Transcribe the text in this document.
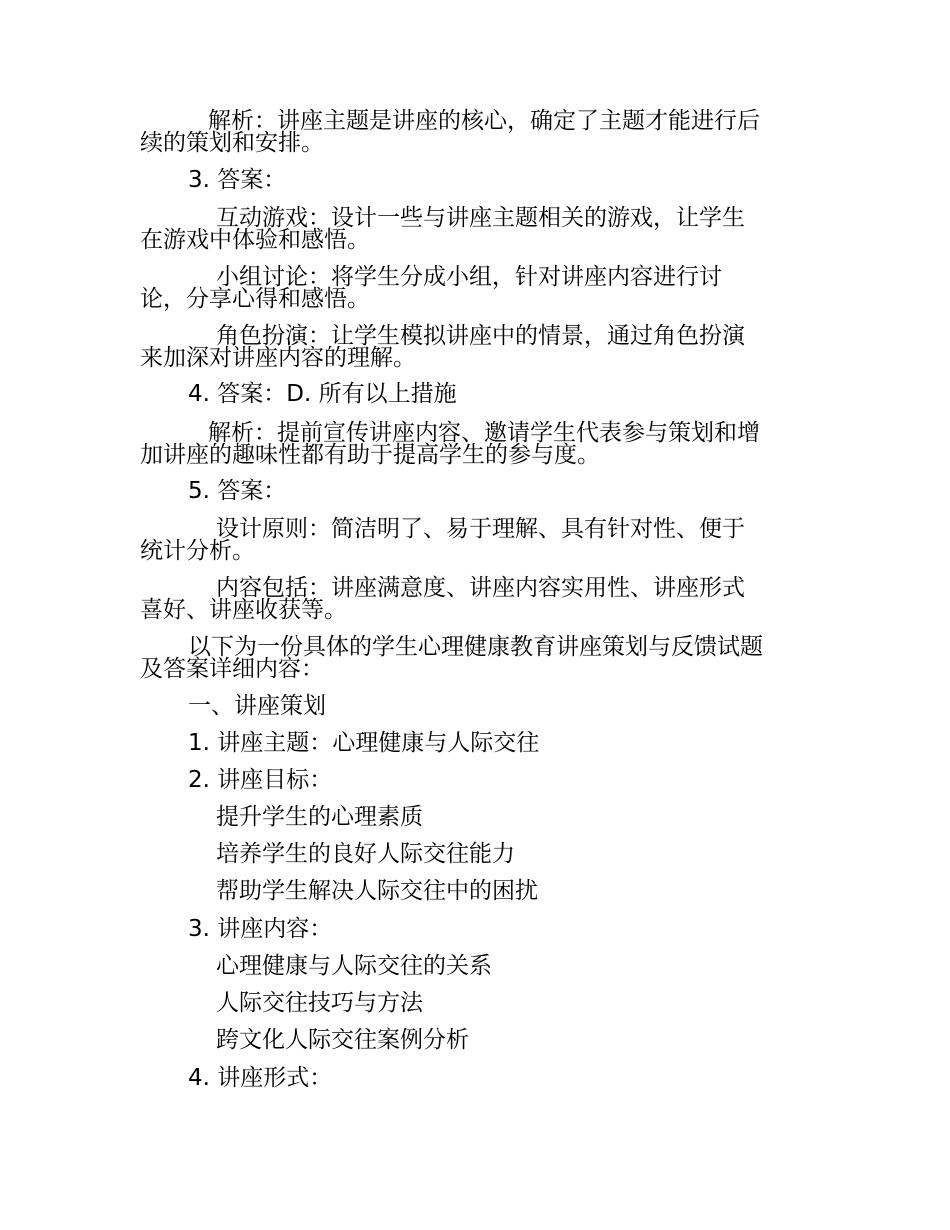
解析：讲座主题是讲座的核心，确定了主题才能进行后

续的策划和安排。

3. 答案：

互动游戏：设计一些与讲座主题相关的游戏，让学生

在游戏中体验和感悟。

小组讨论：将学生分成小组，针对讲座内容进行讨

论，分享心得和感悟。

角色扮演：让学生模拟讲座中的情景，通过角色扮演

来加深对讲座内容的理解。

4. 答案：D. 所有以上措施

解析：提前宣传讲座内容、邀请学生代表参与策划和增

加讲座的趣味性都有助于提高学生的参与度。

5. 答案：

设计原则：简洁明了、易于理解、具有针对性、便于

统计分析。

内容包括：讲座满意度、讲座内容实用性、讲座形式

喜好、讲座收获等。

以下为一份具体的学生心理健康教育讲座策划与反馈试题

及答案详细内容：

一、讲座策划

1. 讲座主题：心理健康与人际交往

2. 讲座目标：

提升学生的心理素质

培养学生的良好人际交往能力

帮助学生解决人际交往中的困扰

3. 讲座内容：

心理健康与人际交往的关系

人际交往技巧与方法

跨文化人际交往案例分析

4. 讲座形式：
